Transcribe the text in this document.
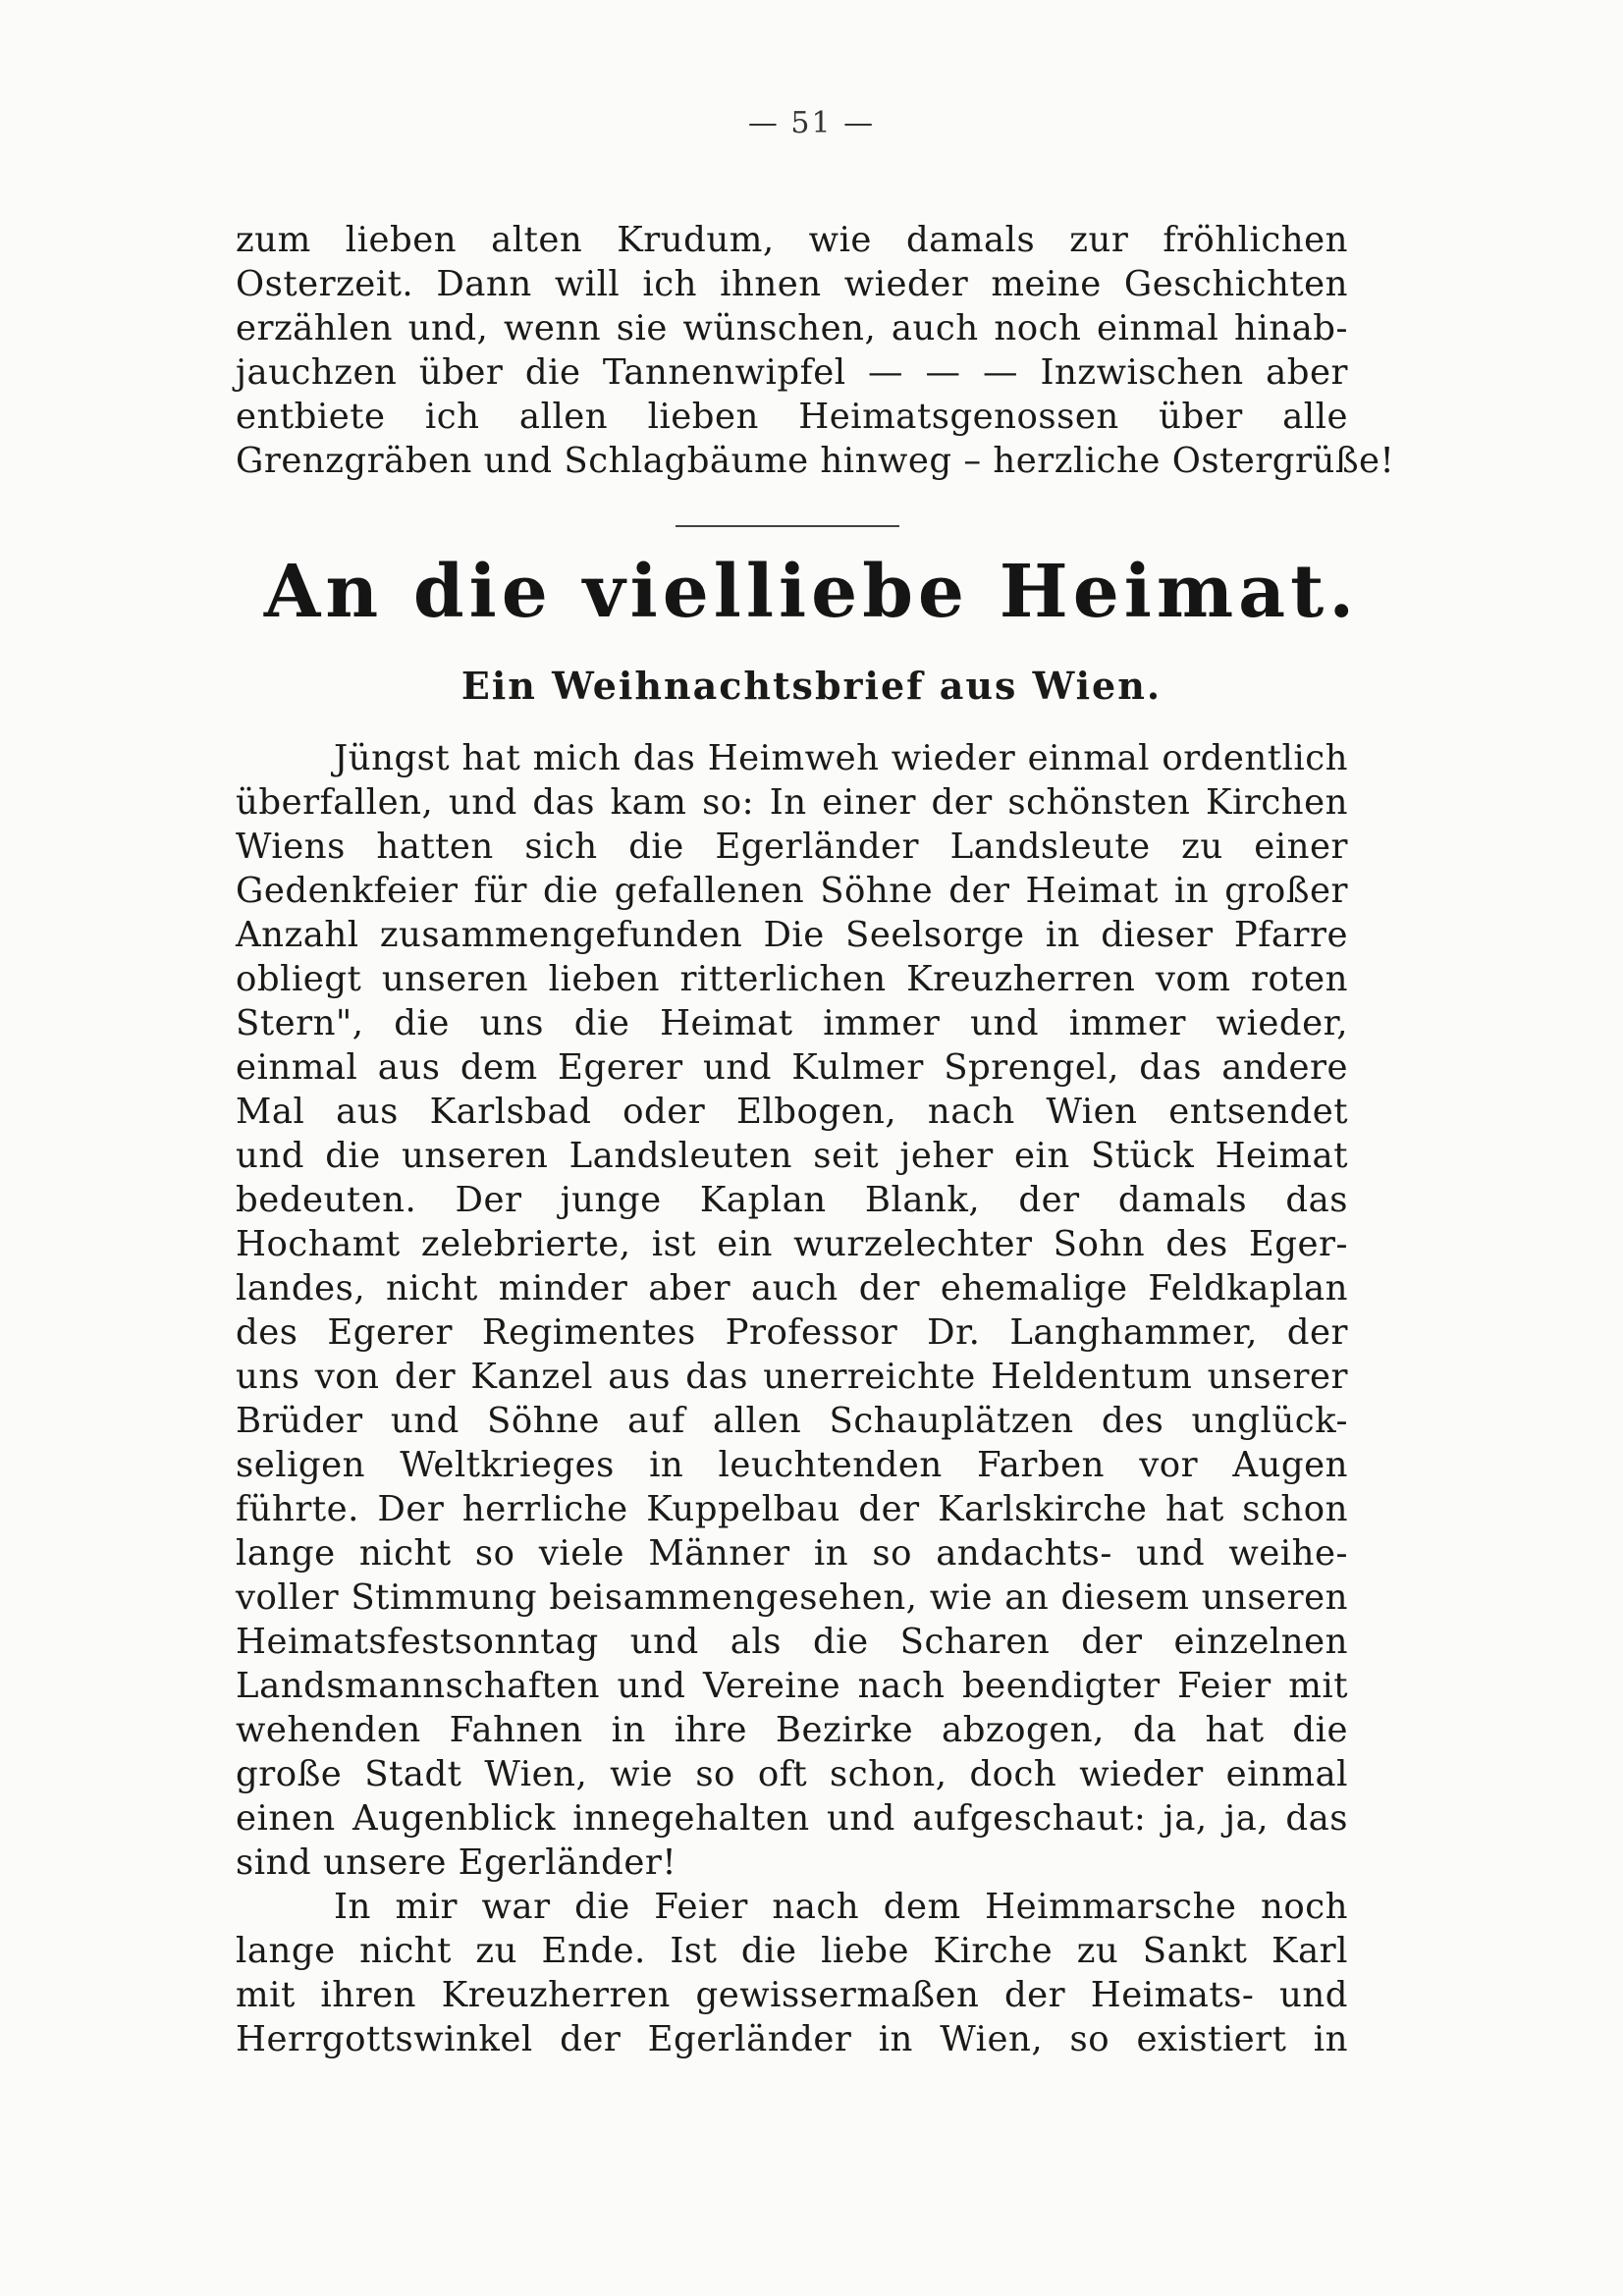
— 51 —
zum lieben alten Krudum, wie damals zur fröhlichen
Osterzeit. Dann will ich ihnen wieder meine Geschichten
erzählen und, wenn sie wünschen, auch noch einmal hinab-
jauchzen über die Tannenwipfel — — — Inzwischen aber
entbiete ich allen lieben Heimatsgenossen über alle
Grenzgräben und Schlagbäume hinweg – herzliche Ostergrüße!
An die vielliebe Heimat.
Ein Weihnachtsbrief aus Wien.
Jüngst hat mich das Heimweh wieder einmal ordentlich
überfallen, und das kam so: In einer der schönsten Kirchen
Wiens hatten sich die Egerländer Landsleute zu einer
Gedenkfeier für die gefallenen Söhne der Heimat in großer
Anzahl zusammengefunden Die Seelsorge in dieser Pfarre
obliegt unseren lieben ritterlichen Kreuzherren vom roten
Stern", die uns die Heimat immer und immer wieder,
einmal aus dem Egerer und Kulmer Sprengel, das andere
Mal aus Karlsbad oder Elbogen, nach Wien entsendet
und die unseren Landsleuten seit jeher ein Stück Heimat
bedeuten. Der junge Kaplan Blank, der damals das
Hochamt zelebrierte, ist ein wurzelechter Sohn des Eger-
landes, nicht minder aber auch der ehemalige Feldkaplan
des Egerer Regimentes Professor Dr. Langhammer, der
uns von der Kanzel aus das unerreichte Heldentum unserer
Brüder und Söhne auf allen Schauplätzen des unglück-
seligen Weltkrieges in leuchtenden Farben vor Augen
führte. Der herrliche Kuppelbau der Karlskirche hat schon
lange nicht so viele Männer in so andachts- und weihe-
voller Stimmung beisammengesehen, wie an diesem unseren
Heimatsfestsonntag und als die Scharen der einzelnen
Landsmannschaften und Vereine nach beendigter Feier mit
wehenden Fahnen in ihre Bezirke abzogen, da hat die
große Stadt Wien, wie so oft schon, doch wieder einmal
einen Augenblick innegehalten und aufgeschaut: ja, ja, das
sind unsere Egerländer!
In mir war die Feier nach dem Heimmarsche noch
lange nicht zu Ende. Ist die liebe Kirche zu Sankt Karl
mit ihren Kreuzherren gewissermaßen der Heimats- und
Herrgottswinkel der Egerländer in Wien, so existiert in
